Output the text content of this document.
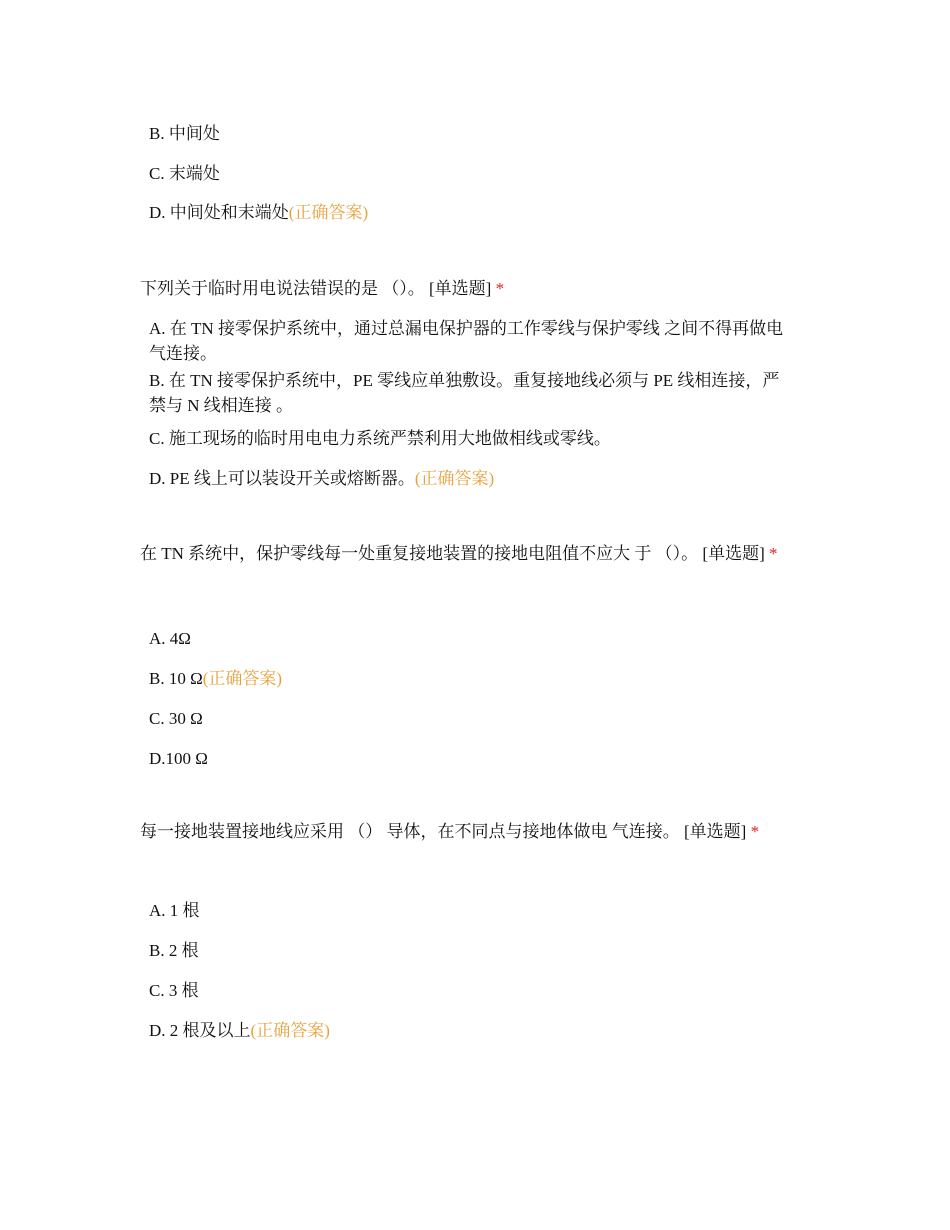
B. 中间处
C. 末端处
D. 中间处和末端处(正确答案)
下列关于临时用电说法错误的是 （）。 [单选题] *
A. 在 TN 接零保护系统中，通过总漏电保护器的工作零线与保护零线 之间不得再做电气连接。
B. 在 TN 接零保护系统中，PE 零线应单独敷设。重复接地线必须与 PE 线相连接，严禁与 N 线相连接 。
C. 施工现场的临时用电电力系统严禁利用大地做相线或零线。
D. PE 线上可以装设开关或熔断器。(正确答案)
在 TN 系统中，保护零线每一处重复接地装置的接地电阻值不应大 于 （）。 [单选题] *
A. 4Ω
B. 10 Ω(正确答案)
C. 30 Ω
D.100 Ω
每一接地装置接地线应采用 （） 导体，在不同点与接地体做电 气连接。 [单选题] *
A. 1 根
B. 2 根
C. 3 根
D. 2 根及以上(正确答案)
